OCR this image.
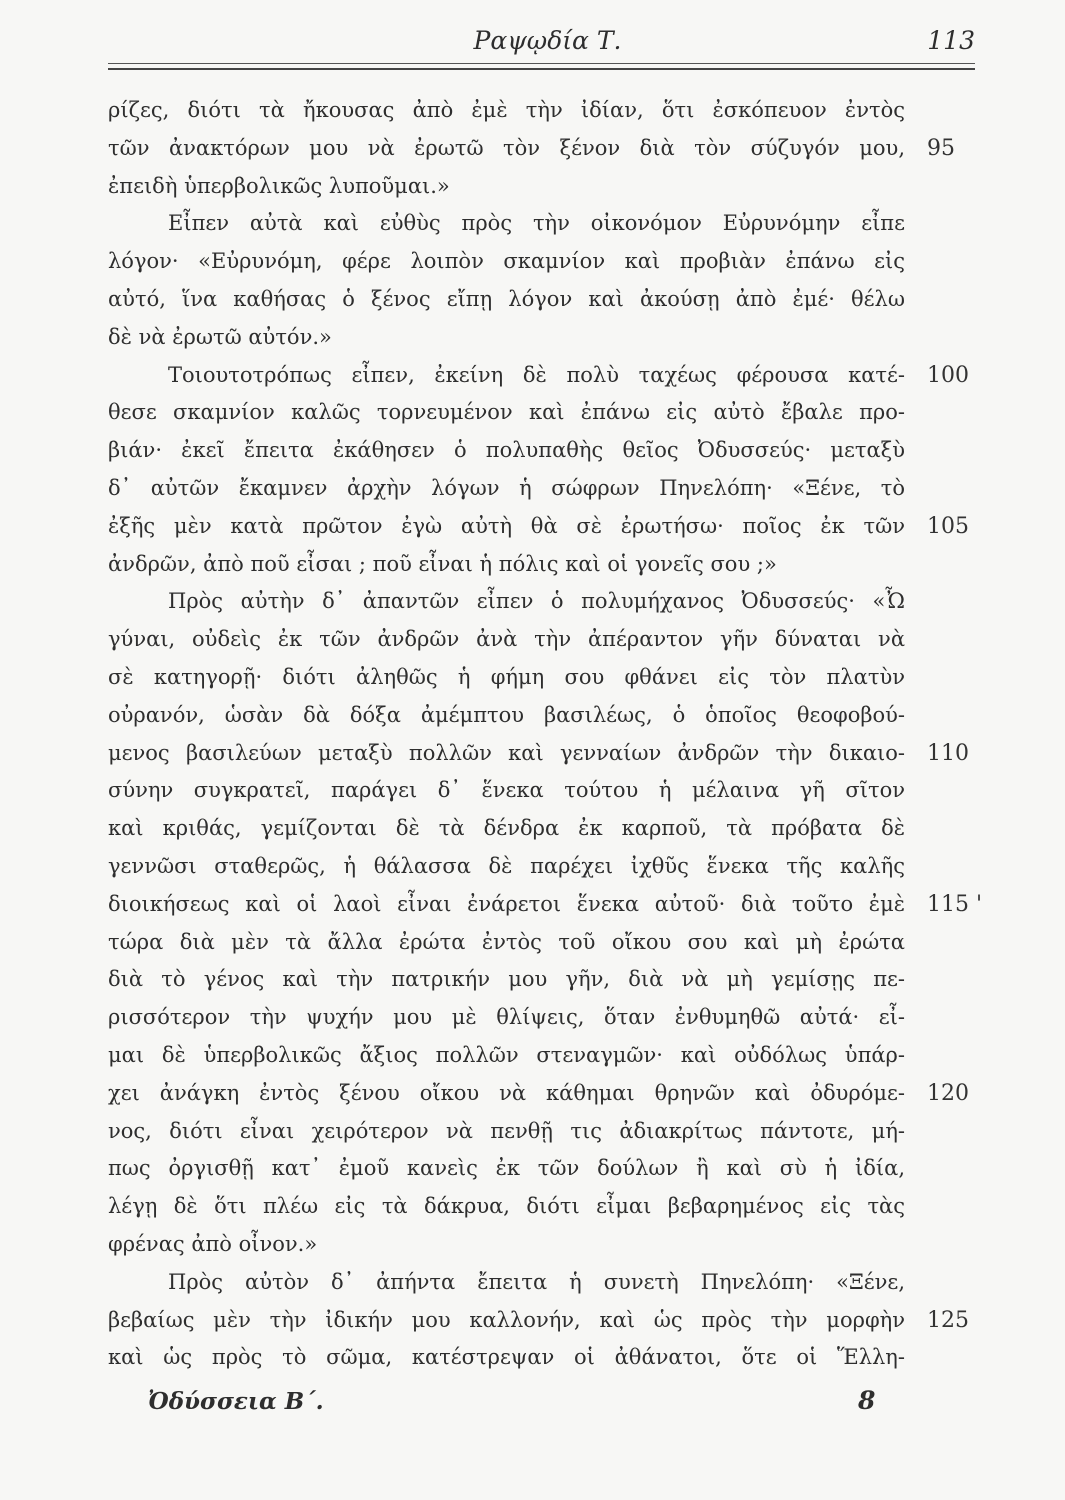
Ραψῳδία Τ.	113
ρίζες, διότι τὰ ἤκουσας ἀπὸ ἐμὲ τὴν ἰδίαν, ὅτι ἐσκόπευον ἐντὸς
τῶν ἀνακτόρων μου νὰ ἐρωτῶ τὸν ξένον διὰ τὸν σύζυγόν μου, 95
ἐπειδὴ ὑπερβολικῶς λυποῦμαι.»
Εἶπεν αὐτὰ καὶ εὐθὺς πρὸς τὴν οἰκονόμον Εὐρυνόμην εἶπε
λόγον· «Εὐρυνόμη, φέρε λοιπὸν σκαμνίον καὶ προβιὰν ἐπάνω εἰς
αὐτό, ἵνα καθήσας ὁ ξένος εἴπῃ λόγον καὶ ἀκούσῃ ἀπὸ ἐμέ· θέλω
δὲ νὰ ἐρωτῶ αὐτόν.»
Τοιουτοτρόπως εἶπεν, ἐκείνη δὲ πολὺ ταχέως φέρουσα κατέ- 100
θεσε σκαμνίον καλῶς τορνευμένον καὶ ἐπάνω εἰς αὐτὸ ἔβαλε προ-
βιάν· ἐκεῖ ἔπειτα ἐκάθησεν ὁ πολυπαθὴς θεῖος Ὀδυσσεύς· μεταξὺ
δ᾽ αὐτῶν ἔκαμνεν ἀρχὴν λόγων ἡ σώφρων Πηνελόπη· «Ξένε, τὸ
ἐξῆς μὲν κατὰ πρῶτον ἐγὼ αὐτὴ θὰ σὲ ἐρωτήσω· ποῖος ἐκ τῶν 105
ἀνδρῶν, ἀπὸ ποῦ εἶσαι ; ποῦ εἶναι ἡ πόλις καὶ οἱ γονεῖς σου ;»
Πρὸς αὐτὴν δ᾽ ἀπαντῶν εἶπεν ὁ πολυμήχανος Ὀδυσσεύς· «Ὦ
γύναι, οὐδεὶς ἐκ τῶν ἀνδρῶν ἀνὰ τὴν ἀπέραντον γῆν δύναται νὰ
σὲ κατηγορῇ· διότι ἀληθῶς ἡ φήμη σου φθάνει εἰς τὸν πλατὺν
οὐρανόν, ὡσὰν δὰ δόξα ἀμέμπτου βασιλέως, ὁ ὁποῖος θεοφοβού-
μενος βασιλεύων μεταξὺ πολλῶν καὶ γενναίων ἀνδρῶν τὴν δικαιο- 110
σύνην συγκρατεῖ, παράγει δ᾽ ἕνεκα τούτου ἡ μέλαινα γῆ σῖτον
καὶ κριθάς, γεμίζονται δὲ τὰ δένδρα ἐκ καρποῦ, τὰ πρόβατα δὲ
γεννῶσι σταθερῶς, ἡ θάλασσα δὲ παρέχει ἰχθῦς ἕνεκα τῆς καλῆς
διοικήσεως καὶ οἱ λαοὶ εἶναι ἐνάρετοι ἕνεκα αὐτοῦ· διὰ τοῦτο ἐμὲ 115 '
τώρα διὰ μὲν τὰ ἄλλα ἐρώτα ἐντὸς τοῦ οἴκου σου καὶ μὴ ἐρώτα
διὰ τὸ γένος καὶ τὴν πατρικήν μου γῆν, διὰ νὰ μὴ γεμίσῃς πε-
ρισσότερον τὴν ψυχήν μου μὲ θλίψεις, ὅταν ἐνθυμηθῶ αὐτά· εἶ-
μαι δὲ ὑπερβολικῶς ἄξιος πολλῶν στεναγμῶν· καὶ οὐδόλως ὑπάρ-
χει ἀνάγκη ἐντὸς ξένου οἴκου νὰ κάθημαι θρηνῶν καὶ ὀδυρόμε- 120
νος, διότι εἶναι χειρότερον νὰ πενθῇ τις ἀδιακρίτως πάντοτε, μή-
πως ὀργισθῇ κατ᾽ ἐμοῦ κανεὶς ἐκ τῶν δούλων ἢ καὶ σὺ ἡ ἰδία,
λέγῃ δὲ ὅτι πλέω εἰς τὰ δάκρυα, διότι εἶμαι βεβαρημένος εἰς τὰς
φρένας ἀπὸ οἶνον.»
Πρὸς αὐτὸν δ᾽ ἀπήντα ἔπειτα ἡ συνετὴ Πηνελόπη· «Ξένε,
βεβαίως μὲν τὴν ἰδικήν μου καλλονήν, καὶ ὡς πρὸς τὴν μορφὴν 125
καὶ ὡς πρὸς τὸ σῶμα, κατέστρεψαν οἱ ἀθάνατοι, ὅτε οἱ Ἕλλη-
Ὀδύσσεια Β΄.	8
